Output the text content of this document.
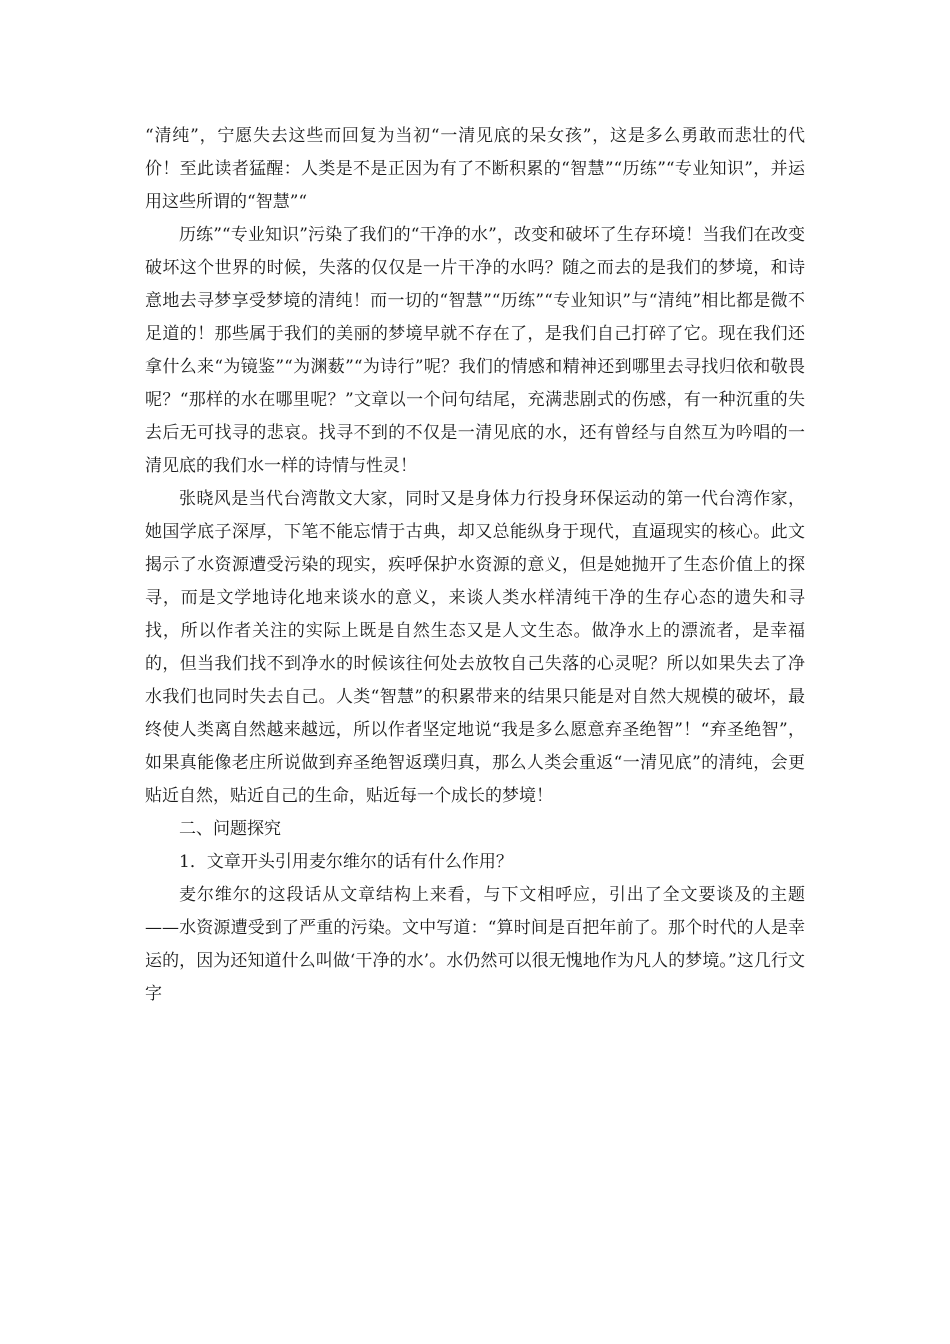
“清纯”，宁愿失去这些而回复为当初“一清见底的呆女孩”，这是多么勇敢而悲壮的代价！至此读者猛醒：人类是不是正因为有了不断积累的“智慧”“历练”“专业知识”，并运用这些所谓的“智慧”“

历练”“专业知识”污染了我们的“干净的水”，改变和破坏了生存环境！当我们在改变破坏这个世界的时候，失落的仅仅是一片干净的水吗？随之而去的是我们的梦境，和诗意地去寻梦享受梦境的清纯！而一切的“智慧”“历练”“专业知识”与“清纯”相比都是微不足道的！那些属于我们的美丽的梦境早就不存在了，是我们自己打碎了它。现在我们还拿什么来“为镜鉴”“为渊薮”“为诗行”呢？我们的情感和精神还到哪里去寻找归依和敬畏呢？“那样的水在哪里呢？”文章以一个问句结尾，充满悲剧式的伤感，有一种沉重的失去后无可找寻的悲哀。找寻不到的不仅是一清见底的水，还有曾经与自然互为吟唱的一清见底的我们水一样的诗情与性灵！

张晓风是当代台湾散文大家，同时又是身体力行投身环保运动的第一代台湾作家，她国学底子深厚，下笔不能忘情于古典，却又总能纵身于现代，直逼现实的核心。此文揭示了水资源遭受污染的现实，疾呼保护水资源的意义，但是她抛开了生态价值上的探寻，而是文学地诗化地来谈水的意义，来谈人类水样清纯干净的生存心态的遗失和寻找，所以作者关注的实际上既是自然生态又是人文生态。做净水上的漂流者，是幸福的，但当我们找不到净水的时候该往何处去放牧自己失落的心灵呢？所以如果失去了净水我们也同时失去自己。人类“智慧”的积累带来的结果只能是对自然大规模的破坏，最终使人类离自然越来越远，所以作者坚定地说“我是多么愿意弃圣绝智”！“弃圣绝智”，如果真能像老庄所说做到弃圣绝智返璞归真，那么人类会重返“一清见底”的清纯，会更贴近自然，贴近自己的生命，贴近每一个成长的梦境！

二、问题探究

1．文章开头引用麦尔维尔的话有什么作用？

麦尔维尔的这段话从文章结构上来看，与下文相呼应，引出了全文要谈及的主题——水资源遭受到了严重的污染。文中写道：“算时间是百把年前了。那个时代的人是幸运的，因为还知道什么叫做‘干净的水’。水仍然可以很无愧地作为凡人的梦境。”这几行文字
